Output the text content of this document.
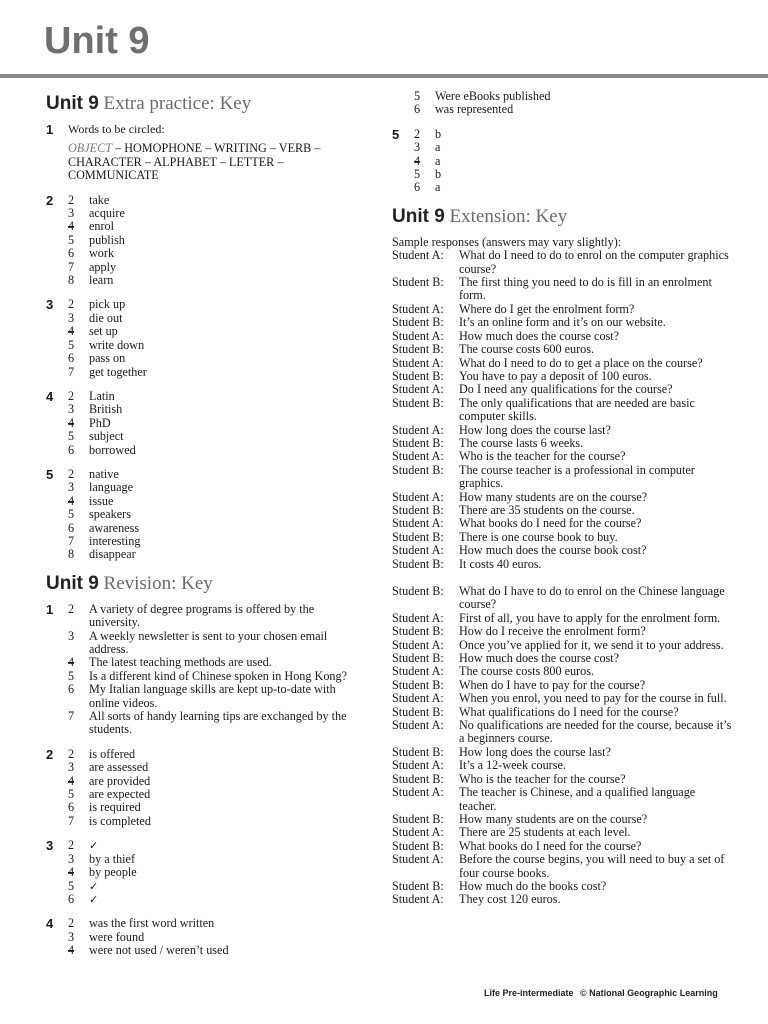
Unit 9
Unit 9 Extra practice: Key
1	Words to be circled:
OBJECT – HOMOPHONE – WRITING – VERB – CHARACTER – ALPHABET – LETTER – COMMUNICATE
2	2	take
3	acquire
4	enrol
5	publish
6	work
7	apply
8	learn
3	2	pick up
3	die out
4	set up
5	write down
6	pass on
7	get together
4	2	Latin
3	British
4	PhD
5	subject
6	borrowed
5	2	native
3	language
4	issue
5	speakers
6	awareness
7	interesting
8	disappear
Unit 9 Revision: Key
1	2	A variety of degree programs is offered by the university.
3	A weekly newsletter is sent to your chosen email address.
4	The latest teaching methods are used.
5	Is a different kind of Chinese spoken in Hong Kong?
6	My Italian language skills are kept up-to-date with online videos.
7	All sorts of handy learning tips are exchanged by the students.
2	2	is offered
3	are assessed
4	are provided
5	are expected
6	is required
7	is completed
3	2	✓
3	by a thief
4	by people
5	✓
6	✓
4	2	was the first word written
3	were found
4	were not used / weren’t used
5	Were eBooks published
6	was represented
5	2	b
3	a
4	a
5	b
6	a
Unit 9 Extension: Key
Sample responses (answers may vary slightly):
Student A:	What do I need to do to enrol on the computer graphics course?
Student B:	The first thing you need to do is fill in an enrolment form.
Student A:	Where do I get the enrolment form?
Student B:	It’s an online form and it’s on our website.
Student A:	How much does the course cost?
Student B:	The course costs 600 euros.
Student A:	What do I need to do to get a place on the course?
Student B:	You have to pay a deposit of 100 euros.
Student A:	Do I need any qualifications for the course?
Student B:	The only qualifications that are needed are basic computer skills.
Student A:	How long does the course last?
Student B:	The course lasts 6 weeks.
Student A:	Who is the teacher for the course?
Student B:	The course teacher is a professional in computer graphics.
Student A:	How many students are on the course?
Student B:	There are 35 students on the course.
Student A:	What books do I need for the course?
Student B:	There is one course book to buy.
Student A:	How much does the course book cost?
Student B:	It costs 40 euros.
Student B:	What do I have to do to enrol on the Chinese language course?
Student A:	First of all, you have to apply for the enrolment form.
Student B:	How do I receive the enrolment form?
Student A:	Once you’ve applied for it, we send it to your address.
Student B:	How much does the course cost?
Student A:	The course costs 800 euros.
Student B:	When do I have to pay for the course?
Student A:	When you enrol, you need to pay for the course in full.
Student B:	What qualifications do I need for the course?
Student A:	No qualifications are needed for the course, because it’s a beginners course.
Student B:	How long does the course last?
Student A:	It’s a 12-week course.
Student B:	Who is the teacher for the course?
Student A:	The teacher is Chinese, and a qualified language teacher.
Student B:	How many students are on the course?
Student A:	There are 25 students at each level.
Student B:	What books do I need for the course?
Student A:	Before the course begins, you will need to buy a set of four course books.
Student B:	How much do the books cost?
Student A:	They cost 120 euros.
Life Pre-intermediate © National Geographic Learning
